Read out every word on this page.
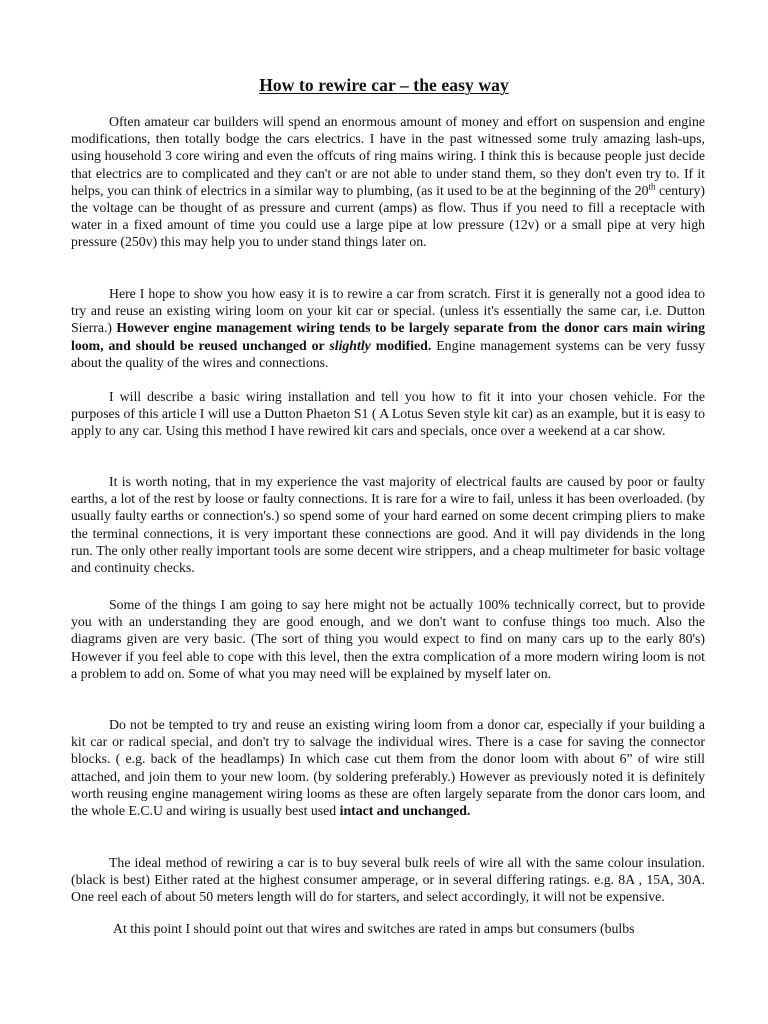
How to rewire car – the easy way

Often amateur car builders will spend an enormous amount of money and effort on suspension and engine modifications, then totally bodge the cars electrics. I have in the past witnessed some truly amazing lash-ups, using household 3 core wiring and even the offcuts of ring mains wiring. I think this is because people just decide that electrics are to complicated and they can't or are not able to under stand them, so they don't even try to. If it helps, you can think of electrics in a similar way to plumbing, (as it used to be at the beginning of the 20th century) the voltage can be thought of as pressure and current (amps) as flow. Thus if you need to fill a receptacle with water in a fixed amount of time you could use a large pipe at low pressure (12v) or a small pipe at very high pressure (250v) this may help you to under stand things later on.

Here I hope to show you how easy it is to rewire a car from scratch. First it is generally not a good idea to try and reuse an existing wiring loom on your kit car or special. (unless it's essentially the same car, i.e. Dutton Sierra.) However engine management wiring tends to be largely separate from the donor cars main wiring loom, and should be reused unchanged or slightly modified. Engine management systems can be very fussy about the quality of the wires and connections.

I will describe a basic wiring installation and tell you how to fit it into your chosen vehicle. For the purposes of this article I will use a Dutton Phaeton S1 ( A Lotus Seven style kit car) as an example, but it is easy to apply to any car. Using this method I have rewired kit cars and specials, once over a weekend at a car show.

It is worth noting, that in my experience the vast majority of electrical faults are caused by poor or faulty earths, a lot of the rest by loose or faulty connections. It is rare for a wire to fail, unless it has been overloaded. (by usually faulty earths or connection's.) so spend some of your hard earned on some decent crimping pliers to make the terminal connections, it is very important these connections are good. And it will pay dividends in the long run. The only other really important tools are some decent wire strippers, and a cheap multimeter for basic voltage and continuity checks.

Some of the things I am going to say here might not be actually 100% technically correct, but to provide you with an understanding they are good enough, and we don't want to confuse things too much. Also the diagrams given are very basic. (The sort of thing you would expect to find on many cars up to the early 80's) However if you feel able to cope with this level, then the extra complication of a more modern wiring loom is not a problem to add on. Some of what you may need will be explained by myself later on.

Do not be tempted to try and reuse an existing wiring loom from a donor car, especially if your building a kit car or radical special, and don't try to salvage the individual wires. There is a case for saving the connector blocks. ( e.g. back of the headlamps) In which case cut them from the donor loom with about 6” of wire still attached, and join them to your new loom. (by soldering preferably.) However as previously noted it is definitely worth reusing engine management wiring looms as these are often largely separate from the donor cars loom, and the whole E.C.U and wiring is usually best used intact and unchanged.

The ideal method of rewiring a car is to buy several bulk reels of wire all with the same colour insulation. (black is best) Either rated at the highest consumer amperage, or in several differing ratings. e.g. 8A , 15A, 30A. One reel each of about 50 meters length will do for starters, and select accordingly, it will not be expensive.

At this point I should point out that wires and switches are rated in amps but consumers (bulbs
